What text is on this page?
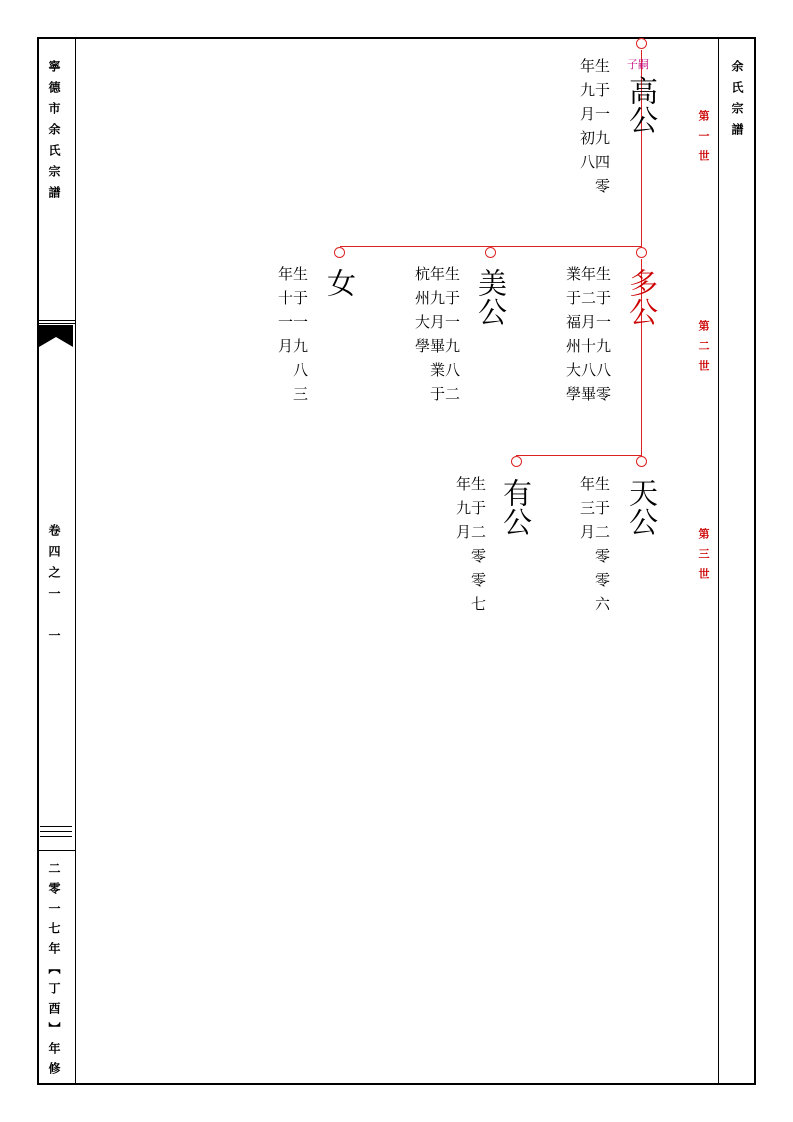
寧德市余氏宗譜
卷四之一　一
二零一七年【丁酉】年修
余氏宗譜
第一世
第二世
第三世
子嗣
高公
生于一九四零
年九月初八
多公
生于一九八零
年二月十八畢
業于福州大學
美公
生于一九八二
年九月畢業于
杭州大學
女
生于一九八三
年十一月
天公
生于二零零六
年三月
有公
生于二零零七
年九月
